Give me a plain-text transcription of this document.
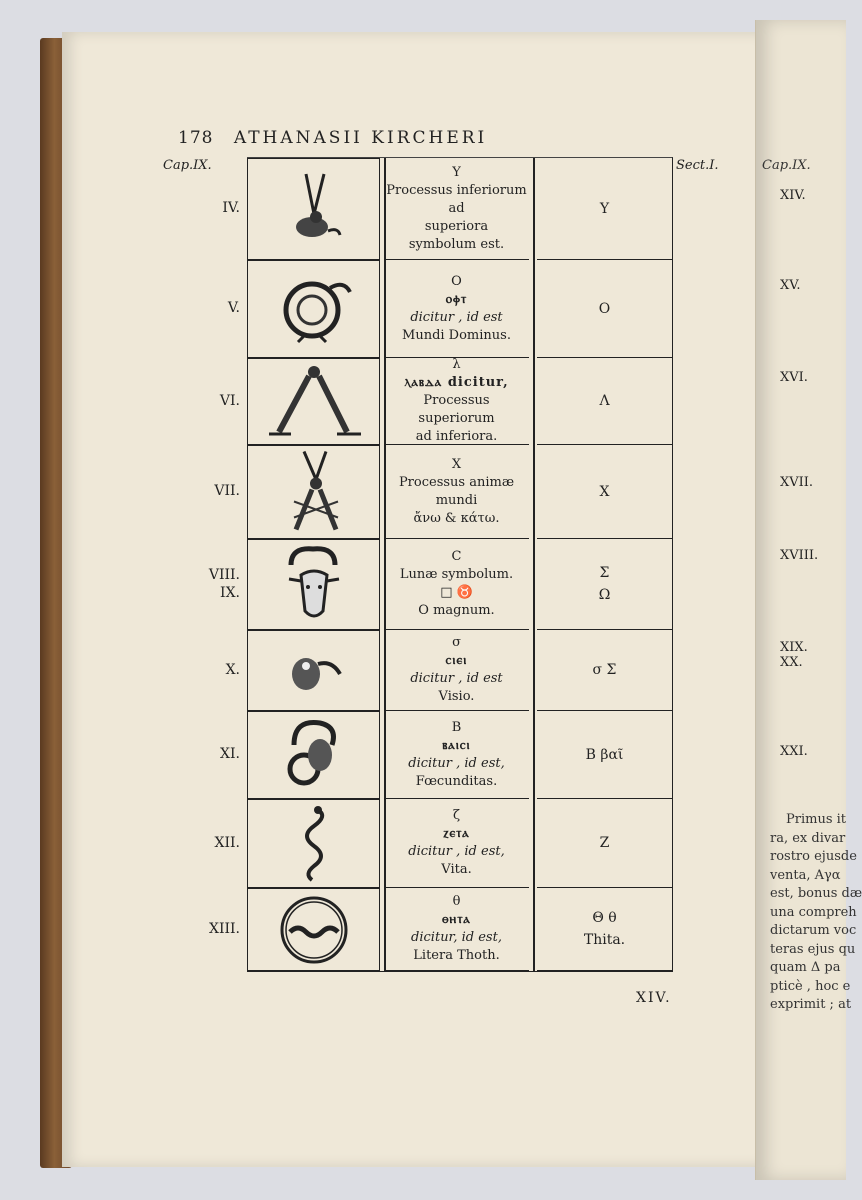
178 ATHANASII KIRCHERI
Cap.IX.	Sect.I.
IV.
V.
VI.
VII.
VIII.
IX.
X.
XI.
XII.
XIII.
Υ
Processus inferiorum ad
superiora
symbolum est.
Υ
Ο
ⲟⲫⲧ
dicitur , id est
Mundi Dominus.
Ο
λ
ⲗⲁⲃⲇⲁ dicitur,
Processus superiorum
ad inferiora.
Λ
Χ
Processus animæ mundi
ἄνω & κάτω.
Χ
C
Lunæ symbolum.
□ ♉
O magnum.
Σ
Ω
σ
ⲥⲓⲉⲓ
dicitur , id est
Visio.
σ Σ
Β
ⲃⲁⲓⲥⲓ
dicitur , id est,
Fœcunditas.
Β βαῖ
ζ
ⲍⲉⲧⲁ
dicitur , id est,
Vita.
Ζ
θ
ⲑⲏⲧⲁ
dicitur, id est,
Litera Thoth.
Θ θ
Thita.
XIV.
XIV.
XV.
XVI.
XVII.
XVIII.
XIX.
XX.
XXI.
Cap.IX.
Primus it
ra, ex divar
rostro ejusde
venta, Αγα
est, bonus dæ
una compreh
dictarum voc
teras ejus qu
quam Δ pa
pticè , hoc e
exprimit ; at
